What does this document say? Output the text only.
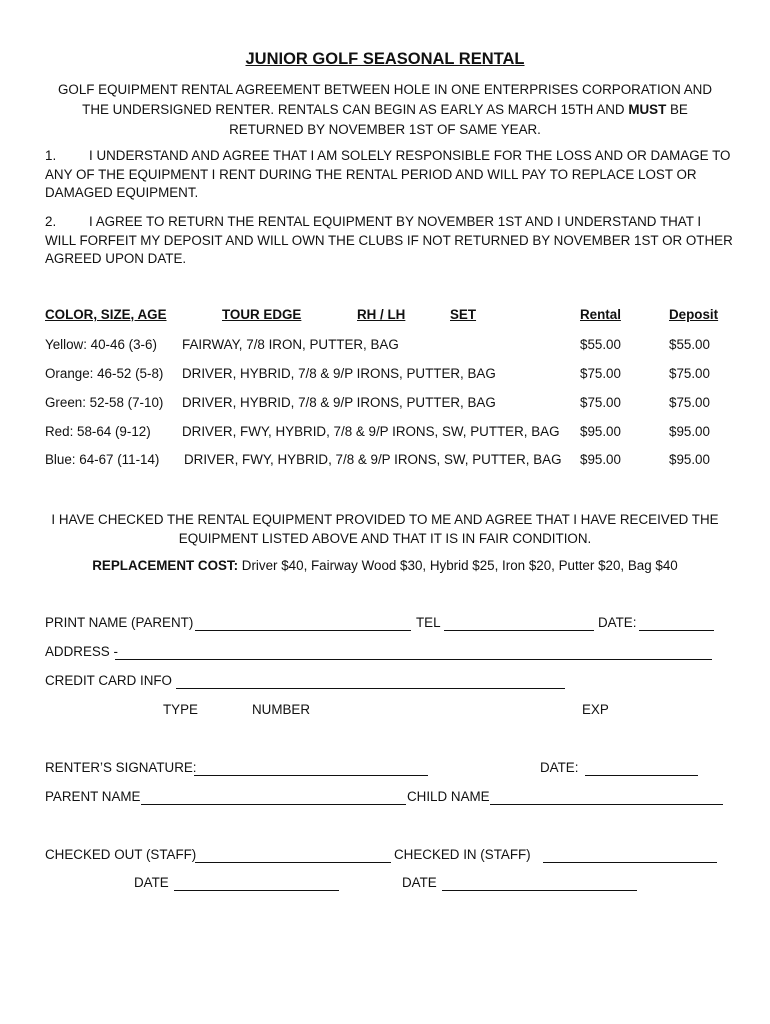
JUNIOR GOLF SEASONAL RENTAL
GOLF EQUIPMENT RENTAL AGREEMENT BETWEEN HOLE IN ONE ENTERPRISES CORPORATION AND THE UNDERSIGNED RENTER. RENTALS CAN BEGIN AS EARLY AS MARCH 15TH AND MUST BE RETURNED BY NOVEMBER 1ST OF SAME YEAR.
1. I UNDERSTAND AND AGREE THAT I AM SOLELY RESPONSIBLE FOR THE LOSS AND OR DAMAGE TO ANY OF THE EQUIPMENT I RENT DURING THE RENTAL PERIOD AND WILL PAY TO REPLACE LOST OR DAMAGED EQUIPMENT.
2. I AGREE TO RETURN THE RENTAL EQUIPMENT BY NOVEMBER 1ST AND I UNDERSTAND THAT I WILL FORFEIT MY DEPOSIT AND WILL OWN THE CLUBS IF NOT RETURNED BY NOVEMBER 1ST OR OTHER AGREED UPON DATE.
COLOR, SIZE, AGE	TOUR EDGE	RH / LH	SET	Rental	Deposit
Yellow: 40-46 (3-6) FAIRWAY, 7/8 IRON, PUTTER, BAG	$55.00	$55.00
Orange: 46-52 (5-8) DRIVER, HYBRID, 7/8 & 9/P IRONS, PUTTER, BAG	$75.00	$75.00
Green: 52-58 (7-10) DRIVER, HYBRID, 7/8 & 9/P IRONS, PUTTER, BAG	$75.00	$75.00
Red: 58-64 (9-12) DRIVER, FWY, HYBRID, 7/8 & 9/P IRONS, SW, PUTTER, BAG $95.00	$95.00
Blue: 64-67 (11-14) DRIVER, FWY, HYBRID, 7/8 & 9/P IRONS, SW, PUTTER, BAG $95.00	$95.00
I HAVE CHECKED THE RENTAL EQUIPMENT PROVIDED TO ME AND AGREE THAT I HAVE RECEIVED THE EQUIPMENT LISTED ABOVE AND THAT IT IS IN FAIR CONDITION.
REPLACEMENT COST: Driver $40, Fairway Wood $30, Hybrid $25, Iron $20, Putter $20, Bag $40
PRINT NAME (PARENT)	TEL	DATE:
ADDRESS -
CREDIT CARD INFO
TYPE	NUMBER	EXP
RENTER’S SIGNATURE:	DATE:
PARENT NAME	CHILD NAME
CHECKED OUT (STAFF)	CHECKED IN (STAFF)
DATE	DATE
